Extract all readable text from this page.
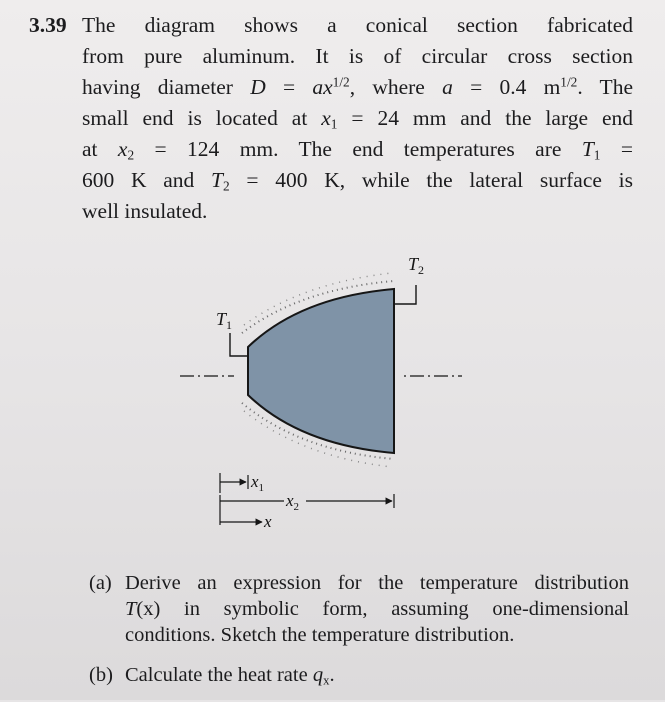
3.39 The diagram shows a conical section fabricated
from pure aluminum. It is of circular cross section
having diameter $D = ax^{1/2}$, where a = 0.4 $m^{1/2}$. The
small end is located at $x_1 = 24$ mm and the large end
at $x_2 = 124$ mm. The end temperatures are $T_1$ =
600 K and $T_2 = 400$ K, while the lateral surface is
well insulated.
$T_1$
$T_2$
$x_1$
$x_2$
x
(a) Derive an expression for the temperature distribution
T(x) in symbolic form, assuming one-dimensional
conditions. Sketch the temperature distribution.
(b) Calculate the heat rate $q_x$.
